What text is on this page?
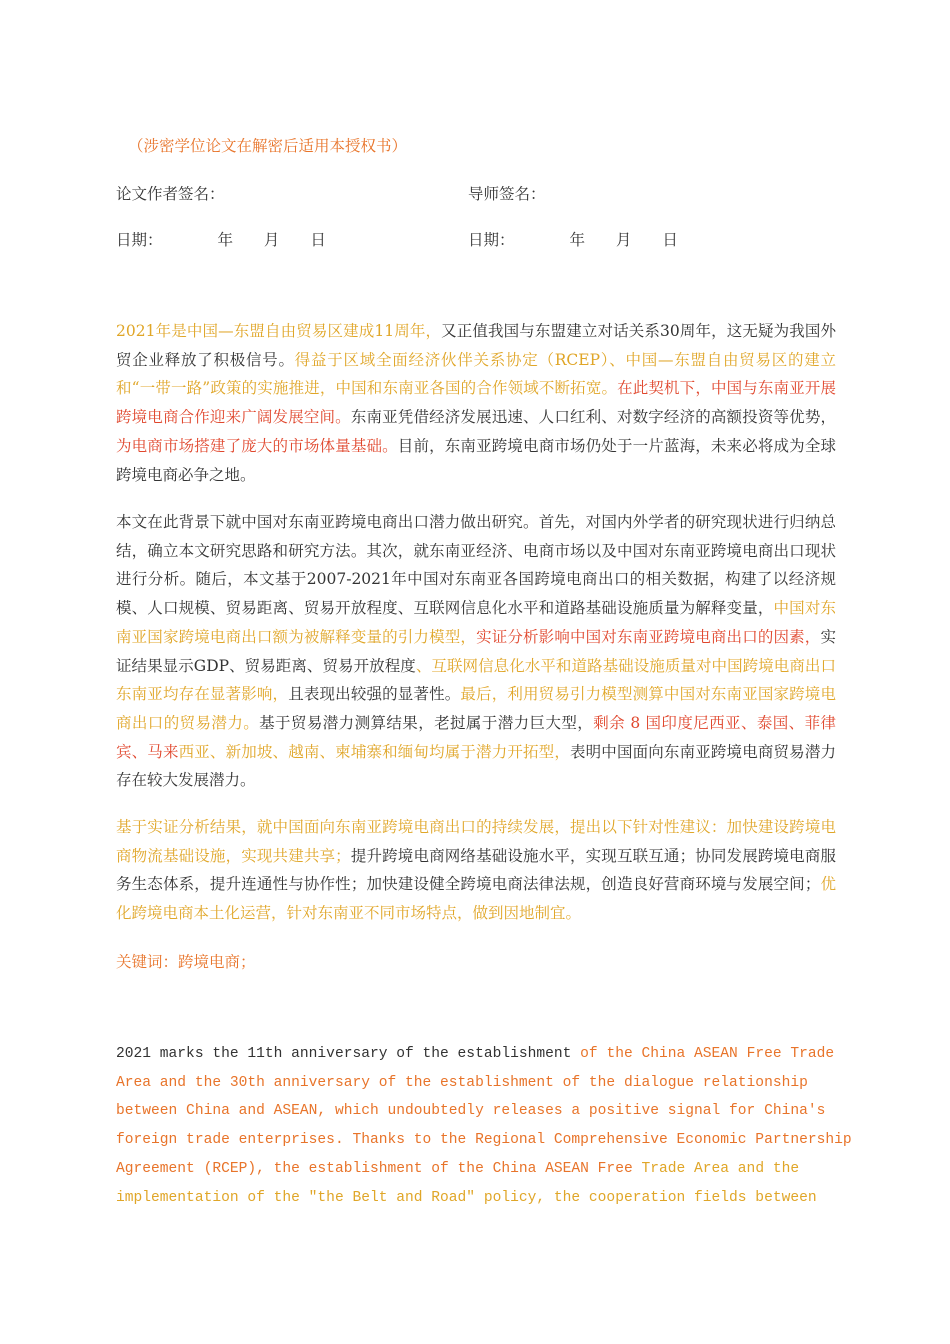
（涉密学位论文在解密后适用本授权书）
论文作者签名：	导师签名：
日期：	年 月 日	日期：	年 月 日
2021年是中国—东盟自由贸易区建成11周年，又正值我国与东盟建立对话关系30周年，这无疑为我国外贸企业释放了积极信号。得益于区域全面经济伙伴关系协定（RCEP）、中国—东盟自由贸易区的建立和“一带一路”政策的实施推进，中国和东南亚各国的合作领域不断拓宽。在此契机下，中国与东南亚开展跨境电商合作迎来广阔发展空间。东南亚凭借经济发展迅速、人口红利、对数字经济的高额投资等优势，为电商市场搭建了庞大的市场体量基础。目前，东南亚跨境电商市场仍处于一片蓝海，未来必将成为全球跨境电商必争之地。
本文在此背景下就中国对东南亚跨境电商出口潜力做出研究。首先，对国内外学者的研究现状进行归纳总结，确立本文研究思路和研究方法。其次，就东南亚经济、电商市场以及中国对东南亚跨境电商出口现状进行分析。随后，本文基于2007-2021年中国对东南亚各国跨境电商出口的相关数据，构建了以经济规模、人口规模、贸易距离、贸易开放程度、互联网信息化水平和道路基础设施质量为解释变量，中国对东南亚国家跨境电商出口额为被解释变量的引力模型，实证分析影响中国对东南亚跨境电商出口的因素，实证结果显示GDP、贸易距离、贸易开放程度、互联网信息化水平和道路基础设施质量对中国跨境电商出口东南亚均存在显著影响，且表现出较强的显著性。最后，利用贸易引力模型测算中国对东南亚国家跨境电商出口的贸易潜力。基于贸易潜力测算结果，老挝属于潜力巨大型，剩余 8 国印度尼西亚、泰国、菲律宾、马来西亚、新加坡、越南、柬埔寨和缅甸均属于潜力开拓型，表明中国面向东南亚跨境电商贸易潜力存在较大发展潜力。
基于实证分析结果，就中国面向东南亚跨境电商出口的持续发展，提出以下针对性建议：加快建设跨境电商物流基础设施，实现共建共享；提升跨境电商网络基础设施水平，实现互联互通；协同发展跨境电商服务生态体系，提升连通性与协作性；加快建设健全跨境电商法律法规，创造良好营商环境与发展空间；优化跨境电商本土化运营，针对东南亚不同市场特点，做到因地制宜。
关键词：跨境电商；
2021 marks the 11th anniversary of the establishment of the China ASEAN Free Trade
Area and the 30th anniversary of the establishment of the dialogue relationship
between China and ASEAN, which undoubtedly releases a positive signal for China's
foreign trade enterprises. Thanks to the Regional Comprehensive Economic Partnership
Agreement (RCEP), the establishment of the China ASEAN Free Trade Area and the
implementation of the "the Belt and Road" policy, the cooperation fields between
